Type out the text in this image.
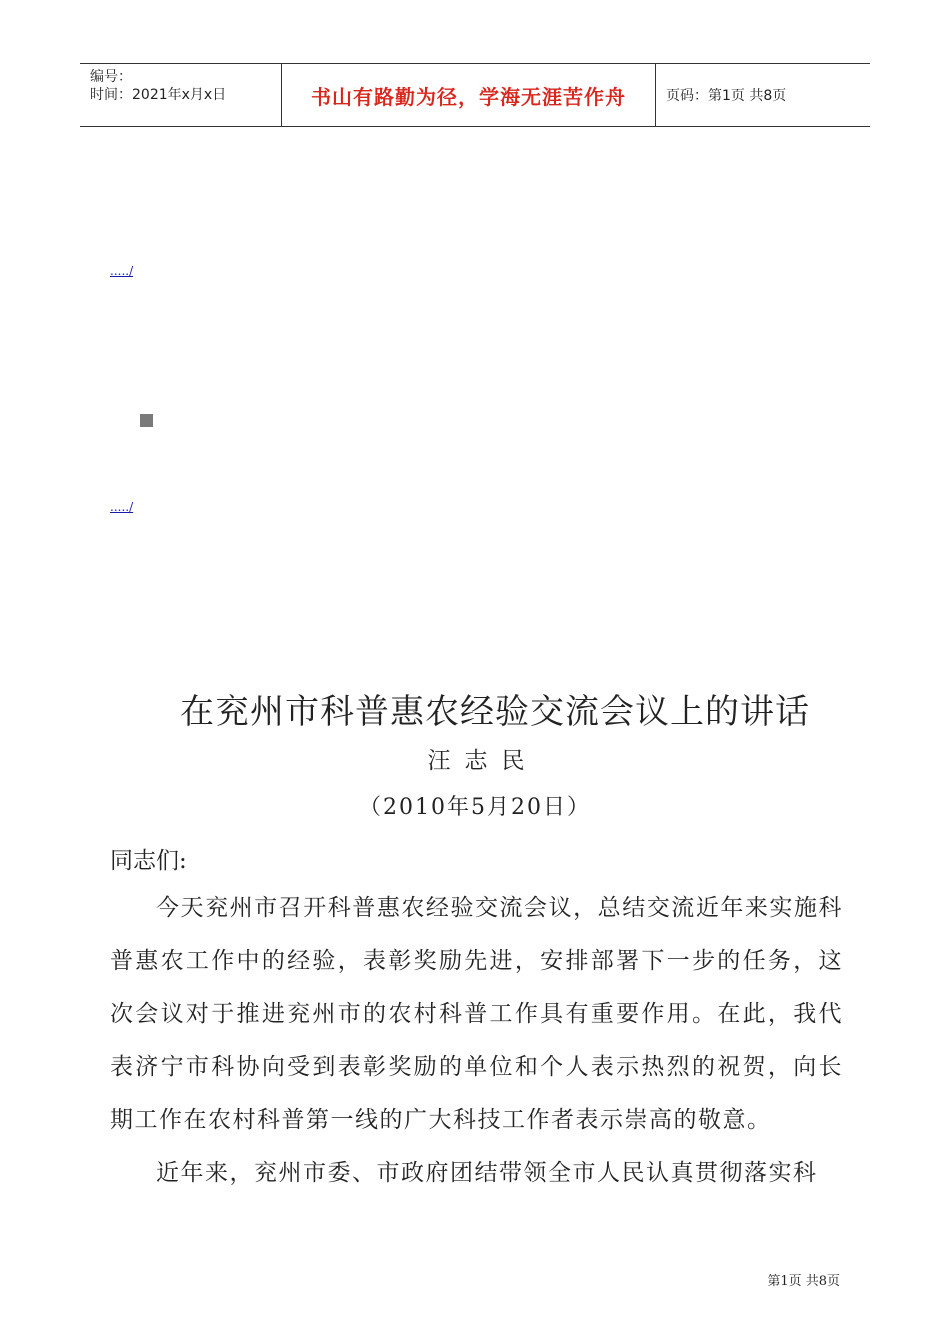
编号：
时间：2021年x月x日	书山有路勤为径，学海无涯苦作舟	页码：第1页 共8页
...../
...../
在兖州市科普惠农经验交流会议上的讲话
汪志民
（2010年5月20日）
同志们:

今天兖州市召开科普惠农经验交流会议，总结交流近年来实施科普惠农工作中的经验，表彰奖励先进，安排部署下一步的任务，这次会议对于推进兖州市的农村科普工作具有重要作用。在此，我代表济宁市科协向受到表彰奖励的单位和个人表示热烈的祝贺，向长期工作在农村科普第一线的广大科技工作者表示崇高的敬意。

近年来，兖州市委、市政府团结带领全市人民认真贯彻落实科

第1页 共8页
